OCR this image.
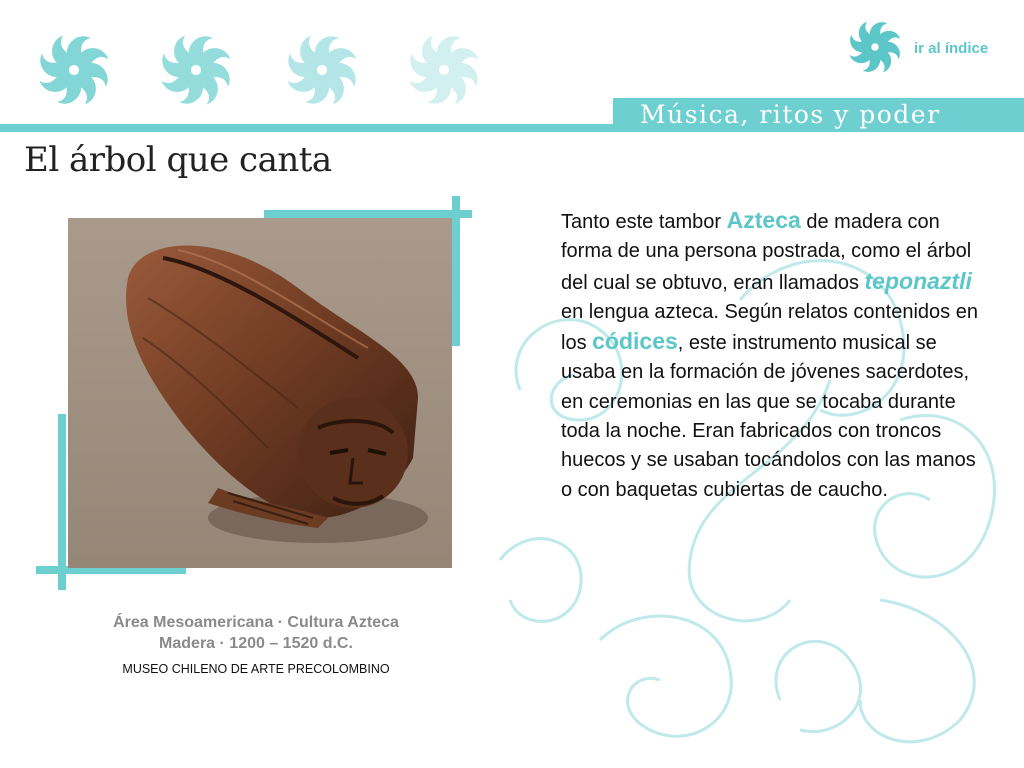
ir al índice
Música, ritos y poder
El árbol que canta
Área Mesoamericana · Cultura Azteca
Madera · 1200 – 1520 d.C.
MUSEO CHILENO DE ARTE PRECOLOMBINO
Tanto este tambor Azteca de madera con forma de una persona postrada, como el árbol del cual se obtuvo, eran llamados teponaztli en lengua azteca. Según relatos contenidos en los códices, este instrumento musical se usaba en la formación de jóvenes sacerdotes, en ceremonias en las que se tocaba durante toda la noche. Eran fabricados con troncos huecos y se usaban tocándolos con las manos o con baquetas cubiertas de caucho.
